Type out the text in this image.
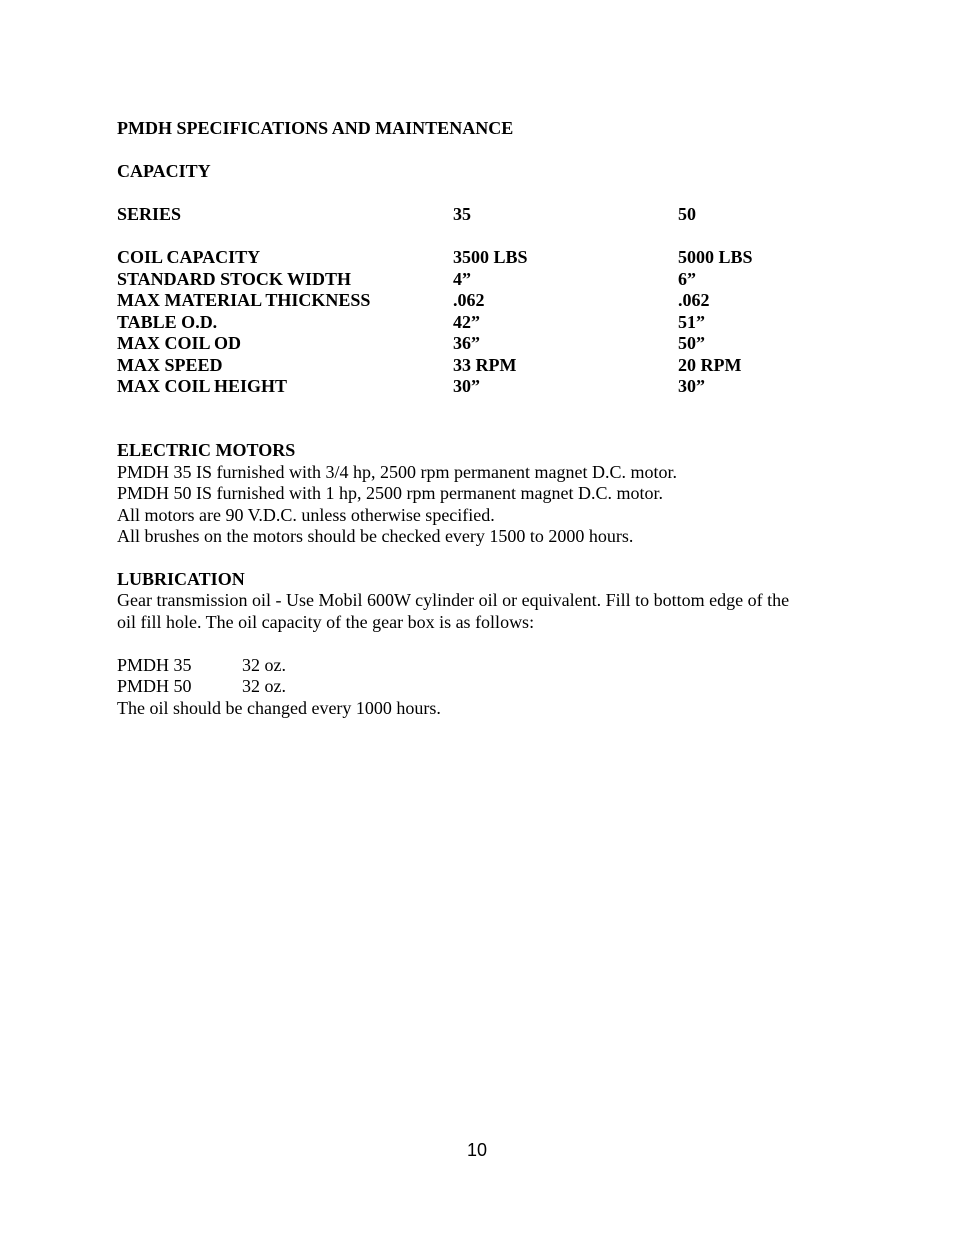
PMDH SPECIFICATIONS AND MAINTENANCE
CAPACITY
SERIES	35	50
COIL CAPACITY	3500 LBS	5000 LBS
STANDARD STOCK WIDTH	4”	6”
MAX MATERIAL THICKNESS	.062	.062
TABLE O.D.	42”	51”
MAX COIL OD	36”	50”
MAX SPEED	33 RPM	20 RPM
MAX COIL HEIGHT	30”	30”
ELECTRIC MOTORS
PMDH 35 IS furnished with 3/4 hp, 2500 rpm permanent magnet D.C. motor.
PMDH 50 IS furnished with 1 hp, 2500 rpm permanent magnet D.C. motor.
All motors are 90 V.D.C. unless otherwise specified.
All brushes on the motors should be checked every 1500 to 2000 hours.
LUBRICATION
Gear transmission oil - Use Mobil 600W cylinder oil or equivalent. Fill to bottom edge of the
oil fill hole. The oil capacity of the gear box is as follows:
PMDH 35	32 oz.
PMDH 50	32 oz.
The oil should be changed every 1000 hours.
10
